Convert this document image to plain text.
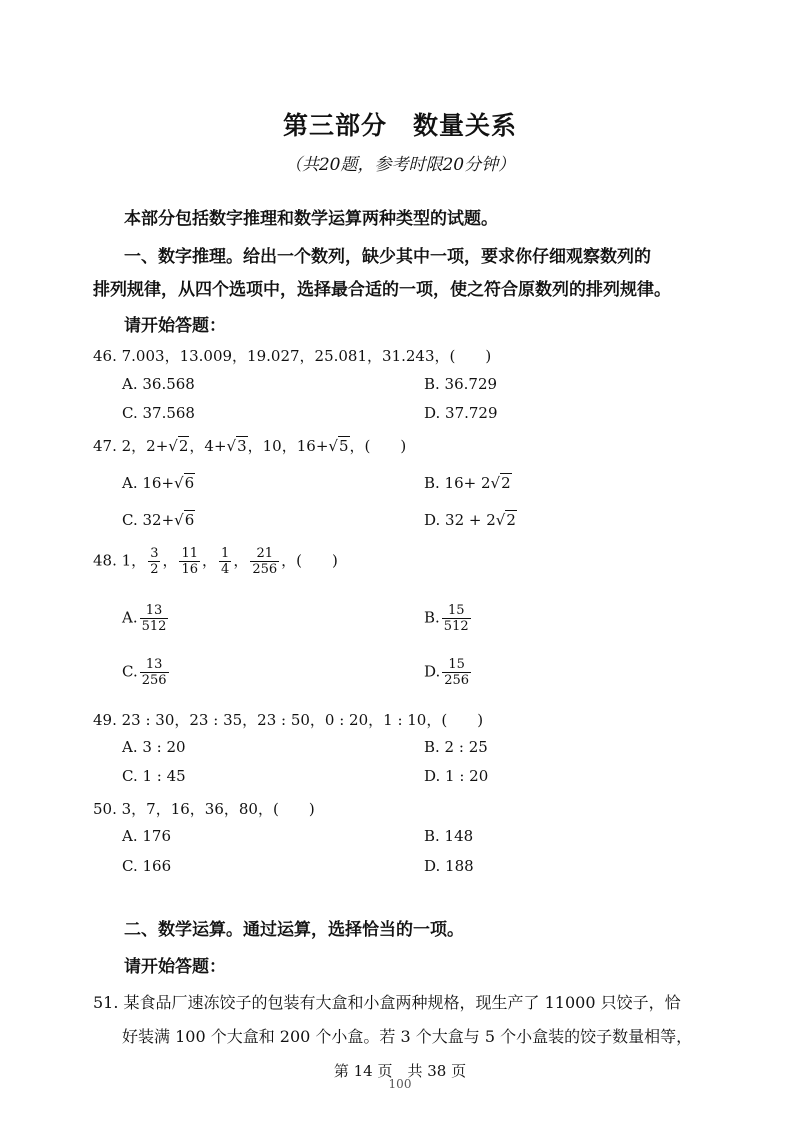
第三部分　数量关系
（共20题，参考时限20分钟）
本部分包括数字推理和数学运算两种类型的试题。
一、数字推理。给出一个数列，缺少其中一项，要求你仔细观察数列的
排列规律，从四个选项中，选择最合适的一项，使之符合原数列的排列规律。
请开始答题：
46. 7.003，13.009，19.027，25.081，31.243，(　　)
A. 36.568	B. 36.729
C. 37.568	D. 37.729
47. 2，2+√2，4+√3，10，16+√5，(　　)
A. 16+√6	B. 16+ 2√2
C. 32+√6	D. 32 + 2√2
48. 1， $\frac{3}{2}$ ， $\frac{11}{16}$ ， $\frac{1}{4}$ ， $\frac{21}{256}$ ，(　　)
A. $\frac{13}{512}$	B. $\frac{15}{512}$
C. $\frac{13}{256}$	D. $\frac{15}{256}$
49. 23 : 30，23 : 35，23 : 50，0 : 20，1 : 10，(　　)
A. 3 : 20	B. 2 : 25
C. 1 : 45	D. 1 : 20
50. 3，7，16，36，80，(　　)
A. 176	B. 148
C. 166	D. 188
二、数学运算。通过运算，选择恰当的一项。
请开始答题：
51. 某食品厂速冻饺子的包装有大盒和小盒两种规格，现生产了 11000 只饺子，恰
好装满 100 个大盒和 200 个小盒。若 3 个大盒与 5 个小盒装的饺子数量相等，
第 14 页　共 38 页
100
